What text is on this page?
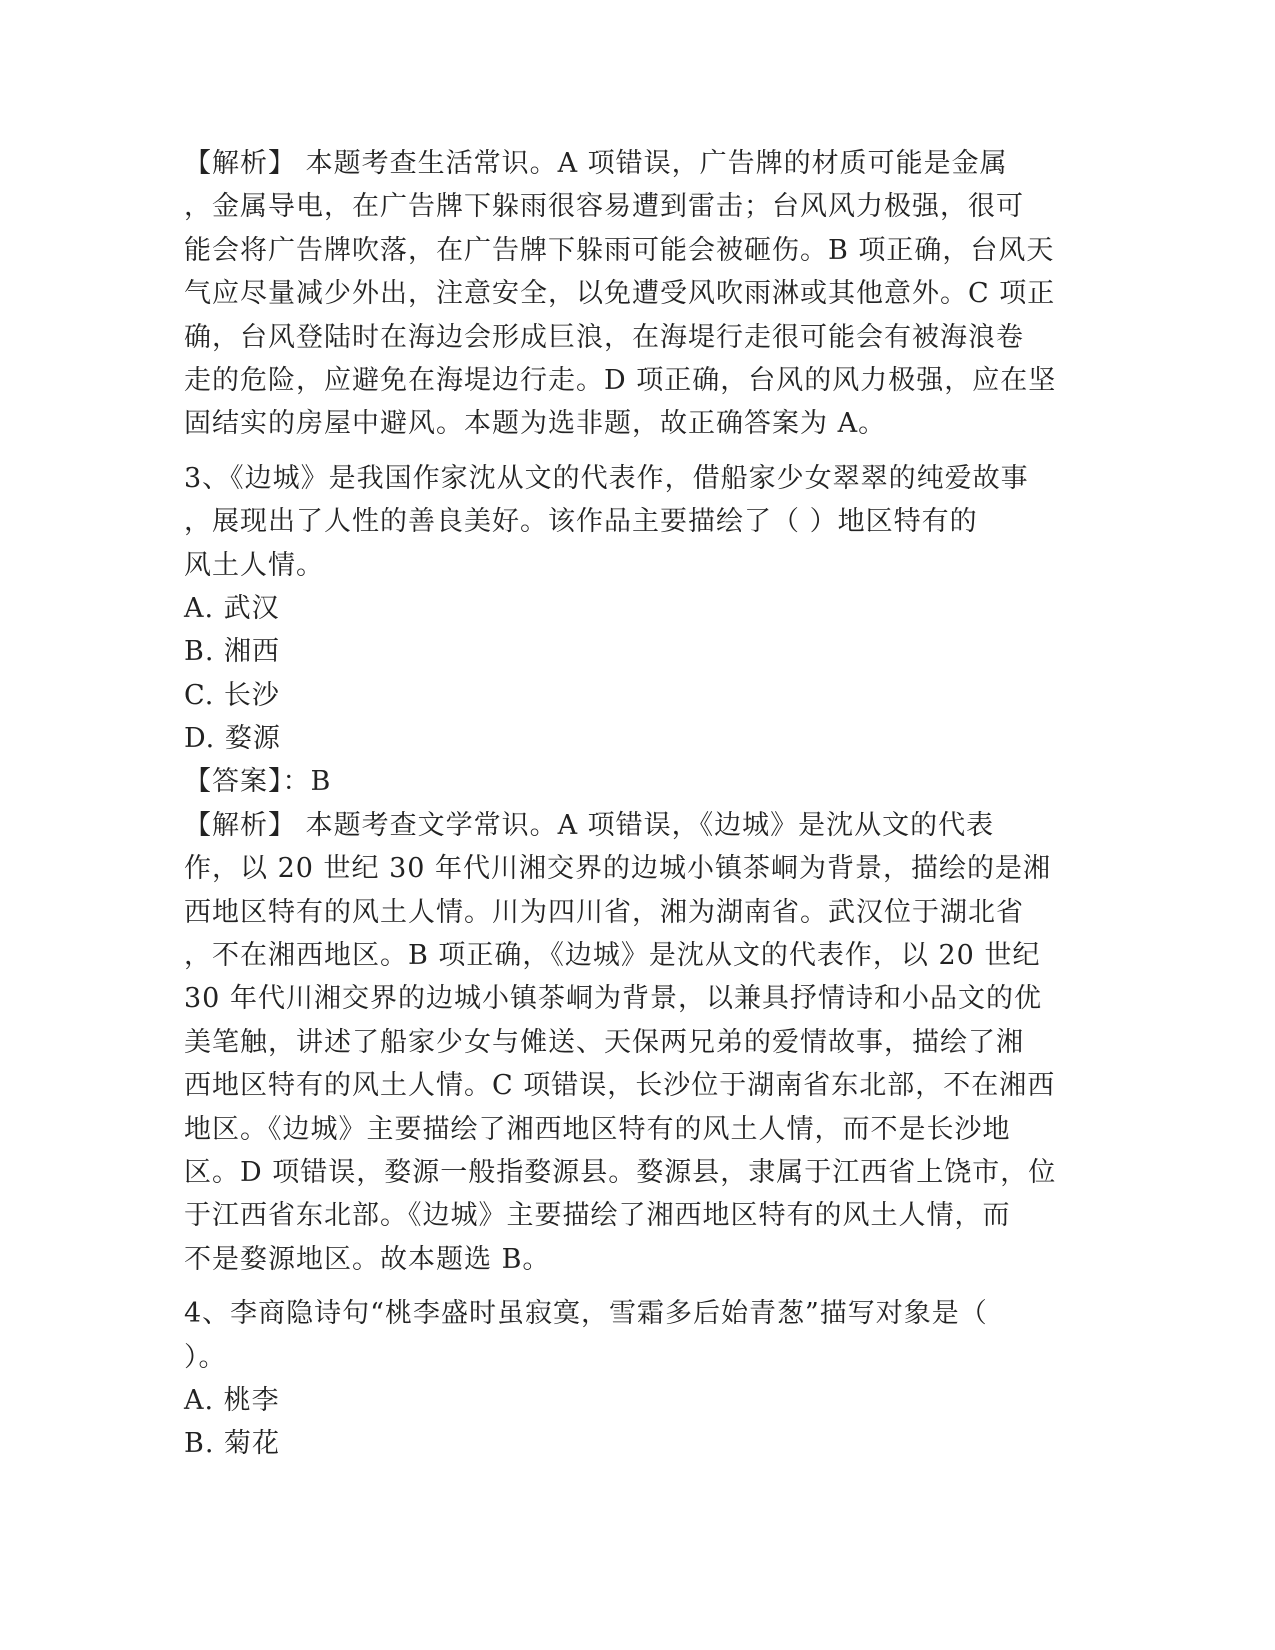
【解析】 本题考查生活常识。A 项错误，广告牌的材质可能是金属
，金属导电，在广告牌下躲雨很容易遭到雷击；台风风力极强，很可
能会将广告牌吹落，在广告牌下躲雨可能会被砸伤。B 项正确，台风天
气应尽量减少外出，注意安全，以免遭受风吹雨淋或其他意外。C 项正
确，台风登陆时在海边会形成巨浪，在海堤行走很可能会有被海浪卷
走的危险，应避免在海堤边行走。D 项正确，台风的风力极强，应在坚
固结实的房屋中避风。本题为选非题，故正确答案为 A。
3、《边城》是我国作家沈从文的代表作，借船家少女翠翠的纯爱故事
，展现出了人性的善良美好。该作品主要描绘了（ ）地区特有的
风土人情。
A. 武汉
B. 湘西
C. 长沙
D. 婺源
【答案】：B
【解析】 本题考查文学常识。A 项错误，《边城》是沈从文的代表
作，以 20 世纪 30 年代川湘交界的边城小镇茶峒为背景，描绘的是湘
西地区特有的风土人情。川为四川省，湘为湖南省。武汉位于湖北省
，不在湘西地区。B 项正确，《边城》是沈从文的代表作，以 20 世纪
30 年代川湘交界的边城小镇茶峒为背景，以兼具抒情诗和小品文的优
美笔触，讲述了船家少女与傩送、天保两兄弟的爱情故事，描绘了湘
西地区特有的风土人情。C 项错误，长沙位于湖南省东北部，不在湘西
地区。《边城》主要描绘了湘西地区特有的风土人情，而不是长沙地
区。D 项错误，婺源一般指婺源县。婺源县，隶属于江西省上饶市，位
于江西省东北部。《边城》主要描绘了湘西地区特有的风土人情，而
不是婺源地区。故本题选 B。
4、李商隐诗句“桃李盛时虽寂寞，雪霜多后始青葱”描写对象是（
）。
A. 桃李
B. 菊花
